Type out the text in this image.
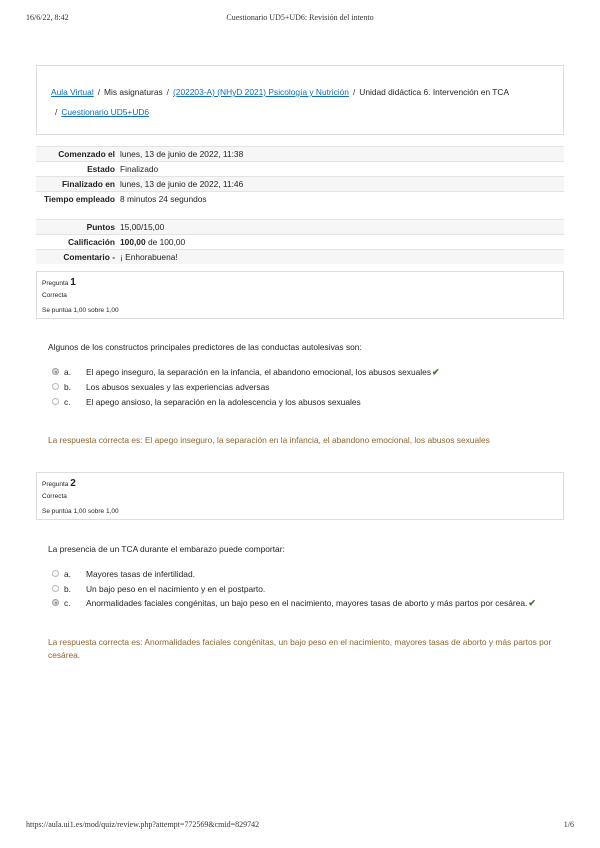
16/6/22, 8:42	Cuestionario UD5+UD6: Revisión del intento
Aula Virtual / Mis asignaturas / (202203-A) (NHyD 2021) Psicología y Nutrición / Unidad didáctica 6. Intervención en TCA
/ Cuestionario UD5+UD6
Comenzado el	lunes, 13 de junio de 2022, 11:38
Estado	Finalizado
Finalizado en	lunes, 13 de junio de 2022, 11:46
Tiempo empleado	8 minutos 24 segundos
Puntos	15,00/15,00
Calificación	100,00 de 100,00
Comentario -	¡ Enhorabuena!
Pregunta 1
Correcta
Se puntúa 1,00 sobre 1,00
Algunos de los constructos principales predictores de las conductas autolesivas son:
a. El apego inseguro, la separación en la infancia, el abandono emocional, los abusos sexuales✔
b. Los abusos sexuales y las experiencias adversas
c. El apego ansioso, la separación en la adolescencia y los abusos sexuales
La respuesta correcta es: El apego inseguro, la separación en la infancia, el abandono emocional, los abusos sexuales
Pregunta 2
Correcta
Se puntúa 1,00 sobre 1,00
La presencia de un TCA durante el embarazo puede comportar:
a. Mayores tasas de infertilidad.
b. Un bajo peso en el nacimiento y en el postparto.
c. Anormalidades faciales congénitas, un bajo peso en el nacimiento, mayores tasas de aborto y más partos por cesárea.✔
La respuesta correcta es: Anormalidades faciales congénitas, un bajo peso en el nacimiento, mayores tasas de aborto y más partos por
cesárea.
https://aula.ui1.es/mod/quiz/review.php?attempt=772569&cmid=829742	1/6
